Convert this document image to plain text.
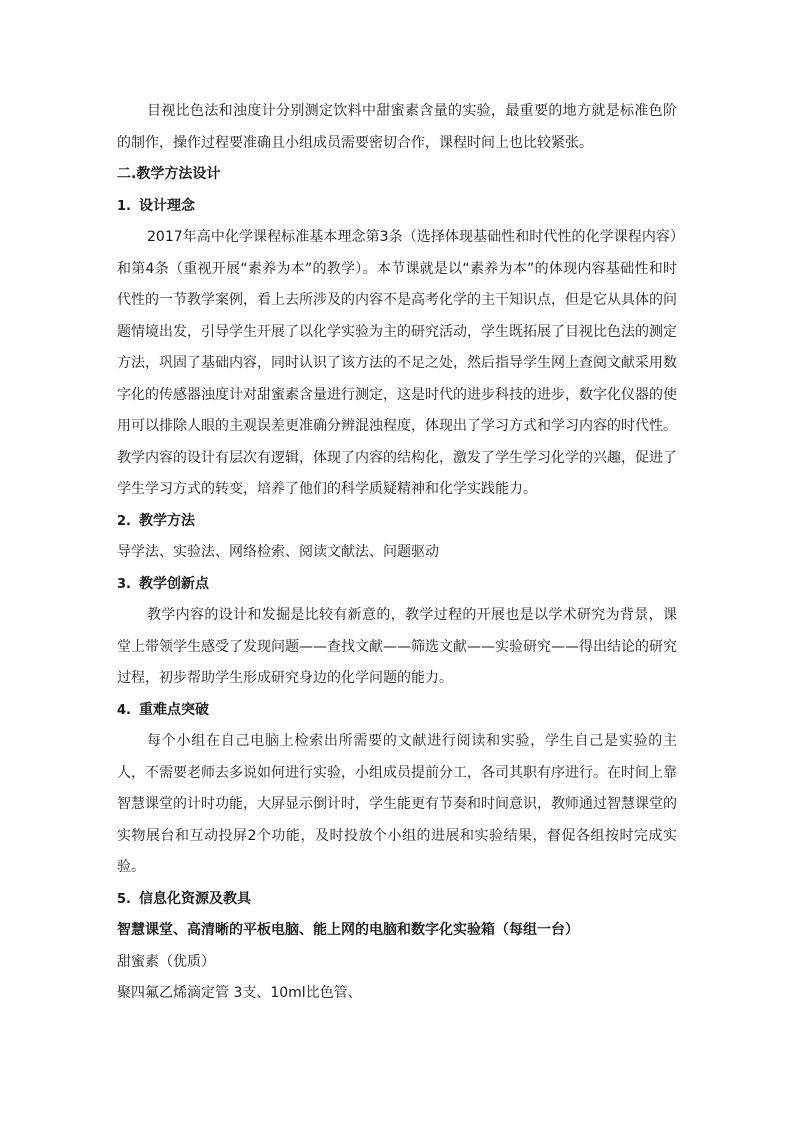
目视比色法和浊度计分别测定饮料中甜蜜素含量的实验，最重要的地方就是标准色阶的制作，操作过程要准确且小组成员需要密切合作，课程时间上也比较紧张。

二.教学方法设计

1. 设计理念

2017年高中化学课程标准基本理念第3条（选择体现基础性和时代性的化学课程内容）和第4条（重视开展“素养为本”的教学）。本节课就是以“素养为本”的体现内容基础性和时代性的一节教学案例，看上去所涉及的内容不是高考化学的主干知识点，但是它从具体的问题情境出发，引导学生开展了以化学实验为主的研究活动，学生既拓展了目视比色法的测定方法，巩固了基础内容，同时认识了该方法的不足之处，然后指导学生网上查阅文献采用数字化的传感器浊度计对甜蜜素含量进行测定，这是时代的进步科技的进步，数字化仪器的使用可以排除人眼的主观误差更准确分辨混浊程度，体现出了学习方式和学习内容的时代性。教学内容的设计有层次有逻辑，体现了内容的结构化，激发了学生学习化学的兴趣，促进了学生学习方式的转变，培养了他们的科学质疑精神和化学实践能力。

2. 教学方法

导学法、实验法、网络检索、阅读文献法、问题驱动

3. 教学创新点

教学内容的设计和发掘是比较有新意的，教学过程的开展也是以学术研究为背景，课堂上带领学生感受了发现问题——查找文献——筛选文献——实验研究——得出结论的研究过程，初步帮助学生形成研究身边的化学问题的能力。

4. 重难点突破

每个小组在自己电脑上检索出所需要的文献进行阅读和实验，学生自己是实验的主人，不需要老师去多说如何进行实验，小组成员提前分工，各司其职有序进行。在时间上靠智慧课堂的计时功能，大屏显示倒计时，学生能更有节奏和时间意识，教师通过智慧课堂的实物展台和互动投屏2个功能，及时投放个小组的进展和实验结果，督促各组按时完成实验。

5. 信息化资源及教具

智慧课堂、高清晰的平板电脑、能上网的电脑和数字化实验箱（每组一台）

甜蜜素（优质）

聚四氟乙烯滴定管 3支、10ml比色管、
